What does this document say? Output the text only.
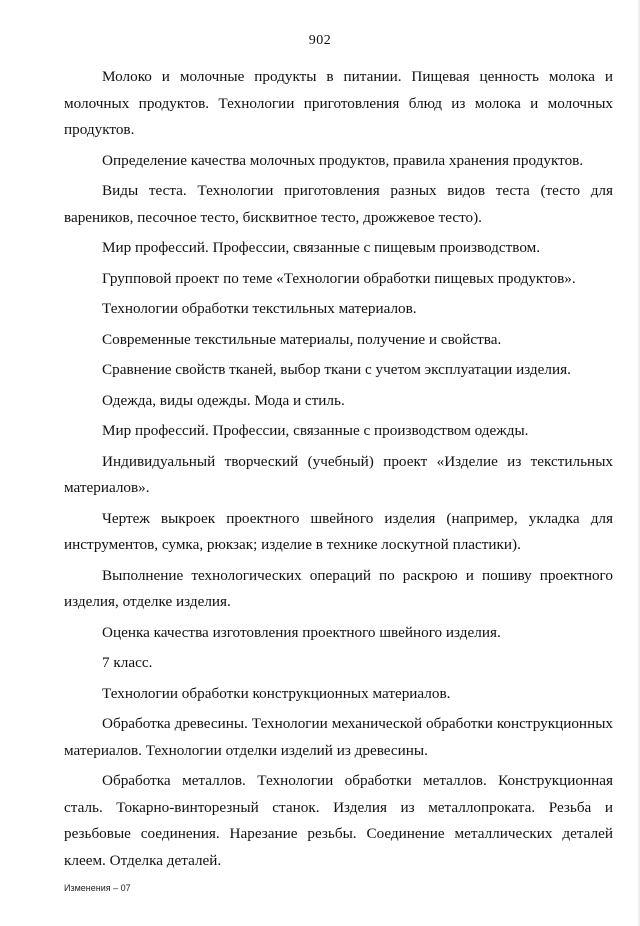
902

Молоко и молочные продукты в питании. Пищевая ценность молока и молочных продуктов. Технологии приготовления блюд из молока и молочных продуктов.

Определение качества молочных продуктов, правила хранения продуктов.

Виды теста. Технологии приготовления разных видов теста (тесто для вареников, песочное тесто, бисквитное тесто, дрожжевое тесто).

Мир профессий. Профессии, связанные с пищевым производством.

Групповой проект по теме «Технологии обработки пищевых продуктов».

Технологии обработки текстильных материалов.

Современные текстильные материалы, получение и свойства.

Сравнение свойств тканей, выбор ткани с учетом эксплуатации изделия.

Одежда, виды одежды. Мода и стиль.

Мир профессий. Профессии, связанные с производством одежды.

Индивидуальный творческий (учебный) проект «Изделие из текстильных материалов».

Чертеж выкроек проектного швейного изделия (например, укладка для инструментов, сумка, рюкзак; изделие в технике лоскутной пластики).

Выполнение технологических операций по раскрою и пошиву проектного изделия, отделке изделия.

Оценка качества изготовления проектного швейного изделия.

7 класс.

Технологии обработки конструкционных материалов.

Обработка древесины. Технологии механической обработки конструкционных материалов. Технологии отделки изделий из древесины.

Обработка металлов. Технологии обработки металлов. Конструкционная сталь. Токарно-винторезный станок. Изделия из металлопроката. Резьба и резьбовые соединения. Нарезание резьбы. Соединение металлических деталей клеем. Отделка деталей.

Изменения – 07
